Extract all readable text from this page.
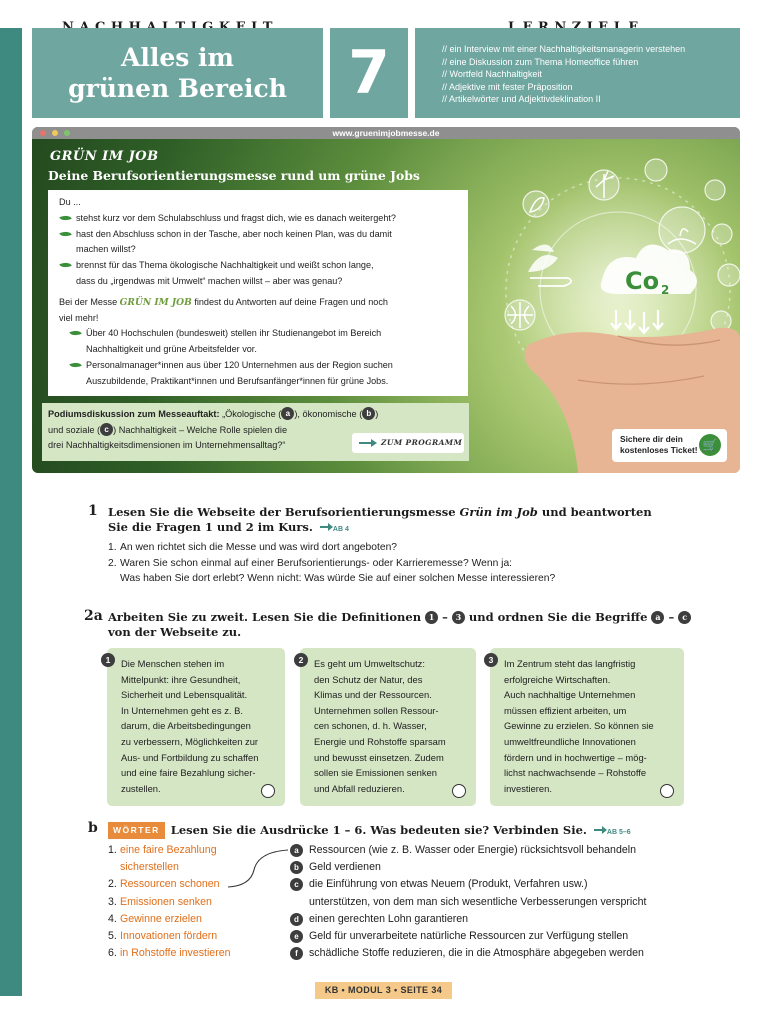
Alles im
grünen Bereich	7	// ein Interview mit einer Nachhaltigkeitsmanagerin verstehen
// eine Diskussion zum Thema Homeoffice führen
// Wortfeld Nachhaltigkeit
// Adjektive mit fester Präposition
// Artikelwörter und Adjektivdeklination II
www.gruenimjobmesse.de
Co 2
GRÜN IM JOB
Deine Berufsorientierungsmesse rund um grüne Jobs
Du ...
stehst kurz vor dem Schulabschluss und fragst dich, wie es danach weitergeht?
hast den Abschluss schon in der Tasche, aber noch keinen Plan, was du damit
machen willst?
brennst für das Thema ökologische Nachhaltigkeit und weißt schon lange,
dass du „irgendwas mit Umwelt“ machen willst – aber was genau?
Bei der Messe GRÜN IM JOB findest du Antworten auf deine Fragen und noch
viel mehr!
Über 40 Hochschulen (bundesweit) stellen ihr Studienangebot im Bereich
Nachhaltigkeit und grüne Arbeitsfelder vor.
Personalmanager*innen aus über 120 Unternehmen aus der Region suchen
Auszubildende, Praktikant*innen und Berufsanfänger*innen für grüne Jobs.
Podiumsdiskussion zum Messeauftakt: „Ökologische ( a ), ökonomische ( b )
und soziale ( c ) Nachhaltigkeit – Welche Rolle spielen die
drei Nachhaltigkeitsdimensionen im Unternehmensalltag?“	ZUM PROGRAMM	Sichere dir dein
kostenloses Ticket! 🛒
1 Lesen Sie die Webseite der Berufsorientierungsmesse Grün im Job und beantworten
Sie die Fragen 1 und 2 im Kurs.	AB 4
1. An wen richtet sich die Messe und was wird dort angeboten?
2. Waren Sie schon einmal auf einer Berufsorientierungs- oder Karrieremesse? Wenn ja:
Was haben Sie dort erlebt? Wenn nicht: Was würde Sie auf einer solchen Messe interessieren?
2a Arbeiten Sie zu zweit. Lesen Sie die Definitionen 1 – 3 und ordnen Sie die Begriffe a – c
von der Webseite zu.
1	Die Menschen stehen im
Mittelpunkt: ihre Gesundheit,
Sicherheit und Lebensqualität.
In Unternehmen geht es z. B.
darum, die Arbeitsbedingungen
zu verbessern, Möglichkeiten zur
Aus- und Fortbildung zu schaffen
und eine faire Bezahlung sicher-
zustellen.
2	Es geht um Umweltschutz:
den Schutz der Natur, des
Klimas und der Ressourcen.
Unternehmen sollen Ressour-
cen schonen, d. h. Wasser,
Energie und Rohstoffe sparsam
und bewusst einsetzen. Zudem
sollen sie Emissionen senken
und Abfall reduzieren.
3	Im Zentrum steht das langfristig
erfolgreiche Wirtschaften.
Auch nachhaltige Unternehmen
müssen effizient arbeiten, um
Gewinne zu erzielen. So können sie
umweltfreundliche Innovationen
fördern und in hochwertige – mög-
lichst nachwachsende – Rohstoffe
investieren.
b	WÖRTER Lesen Sie die Ausdrücke 1 – 6. Was bedeuten sie? Verbinden Sie.	AB 5–6
1. eine faire Bezahlung
sicherstellen
2. Ressourcen schonen
3. Emissionen senken
4. Gewinne erzielen
5. Innovationen fördern
6. in Rohstoffe investieren
a Ressourcen (wie z. B. Wasser oder Energie) rücksichtsvoll behandeln
b Geld verdienen
c die Einführung von etwas Neuem (Produkt, Verfahren usw.)
unterstützen, von dem man sich wesentliche Verbesserungen verspricht
d einen gerechten Lohn garantieren
e Geld für unverarbeitete natürliche Ressourcen zur Verfügung stellen
f	schädliche Stoffe reduzieren, die in die Atmosphäre abgegeben werden
KB • MODUL 3 • SEITE 34
